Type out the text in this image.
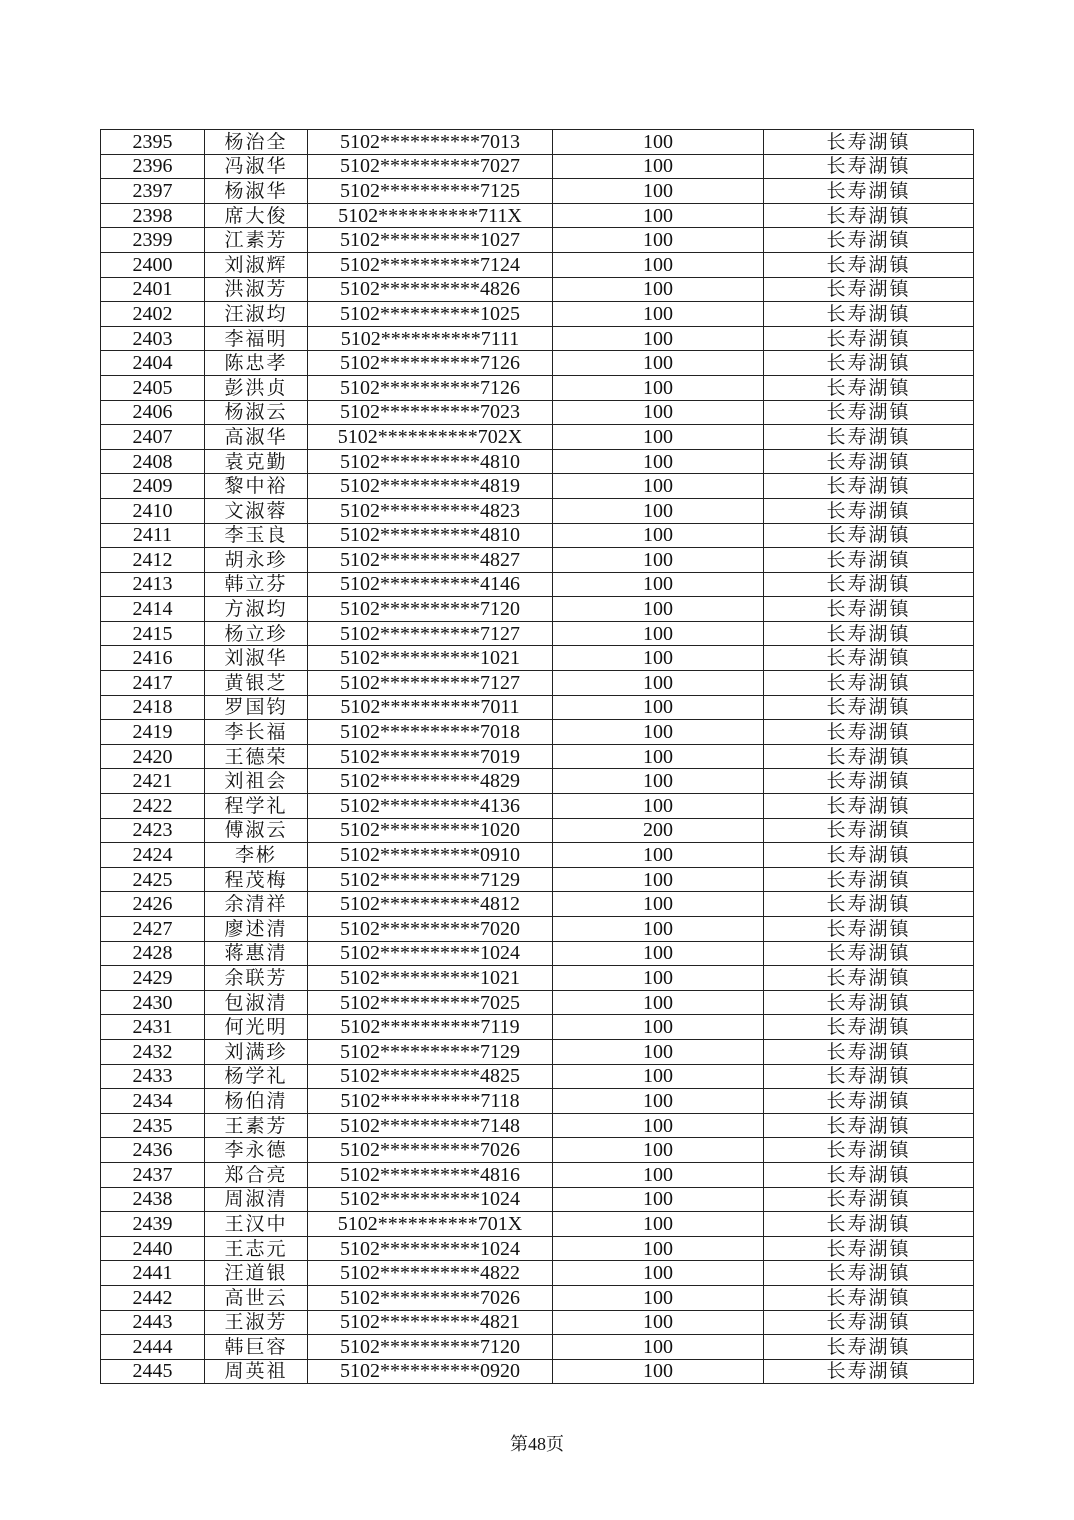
2395	杨治全	5102**********7013	100	长寿湖镇
2396	冯淑华	5102**********7027	100	长寿湖镇
2397	杨淑华	5102**********7125	100	长寿湖镇
2398	席大俊	5102**********711X	100	长寿湖镇
2399	江素芳	5102**********1027	100	长寿湖镇
2400	刘淑辉	5102**********7124	100	长寿湖镇
2401	洪淑芳	5102**********4826	100	长寿湖镇
2402	汪淑均	5102**********1025	100	长寿湖镇
2403	李福明	5102**********7111	100	长寿湖镇
2404	陈忠孝	5102**********7126	100	长寿湖镇
2405	彭洪贞	5102**********7126	100	长寿湖镇
2406	杨淑云	5102**********7023	100	长寿湖镇
2407	高淑华	5102**********702X	100	长寿湖镇
2408	袁克勤	5102**********4810	100	长寿湖镇
2409	黎中裕	5102**********4819	100	长寿湖镇
2410	文淑蓉	5102**********4823	100	长寿湖镇
2411	李玉良	5102**********4810	100	长寿湖镇
2412	胡永珍	5102**********4827	100	长寿湖镇
2413	韩立芬	5102**********4146	100	长寿湖镇
2414	方淑均	5102**********7120	100	长寿湖镇
2415	杨立珍	5102**********7127	100	长寿湖镇
2416	刘淑华	5102**********1021	100	长寿湖镇
2417	黄银芝	5102**********7127	100	长寿湖镇
2418	罗国钧	5102**********7011	100	长寿湖镇
2419	李长福	5102**********7018	100	长寿湖镇
2420	王德荣	5102**********7019	100	长寿湖镇
2421	刘祖会	5102**********4829	100	长寿湖镇
2422	程学礼	5102**********4136	100	长寿湖镇
2423	傅淑云	5102**********1020	200	长寿湖镇
2424	李彬	5102**********0910	100	长寿湖镇
2425	程茂梅	5102**********7129	100	长寿湖镇
2426	余清祥	5102**********4812	100	长寿湖镇
2427	廖述清	5102**********7020	100	长寿湖镇
2428	蒋惠清	5102**********1024	100	长寿湖镇
2429	余联芳	5102**********1021	100	长寿湖镇
2430	包淑清	5102**********7025	100	长寿湖镇
2431	何光明	5102**********7119	100	长寿湖镇
2432	刘满珍	5102**********7129	100	长寿湖镇
2433	杨学礼	5102**********4825	100	长寿湖镇
2434	杨伯清	5102**********7118	100	长寿湖镇
2435	王素芳	5102**********7148	100	长寿湖镇
2436	李永德	5102**********7026	100	长寿湖镇
2437	郑合亮	5102**********4816	100	长寿湖镇
2438	周淑清	5102**********1024	100	长寿湖镇
2439	王汉中	5102**********701X	100	长寿湖镇
2440	王志元	5102**********1024	100	长寿湖镇
2441	汪道银	5102**********4822	100	长寿湖镇
2442	高世云	5102**********7026	100	长寿湖镇
2443	王淑芳	5102**********4821	100	长寿湖镇
2444	韩巨容	5102**********7120	100	长寿湖镇
2445	周英祖	5102**********0920	100	长寿湖镇
第48页
